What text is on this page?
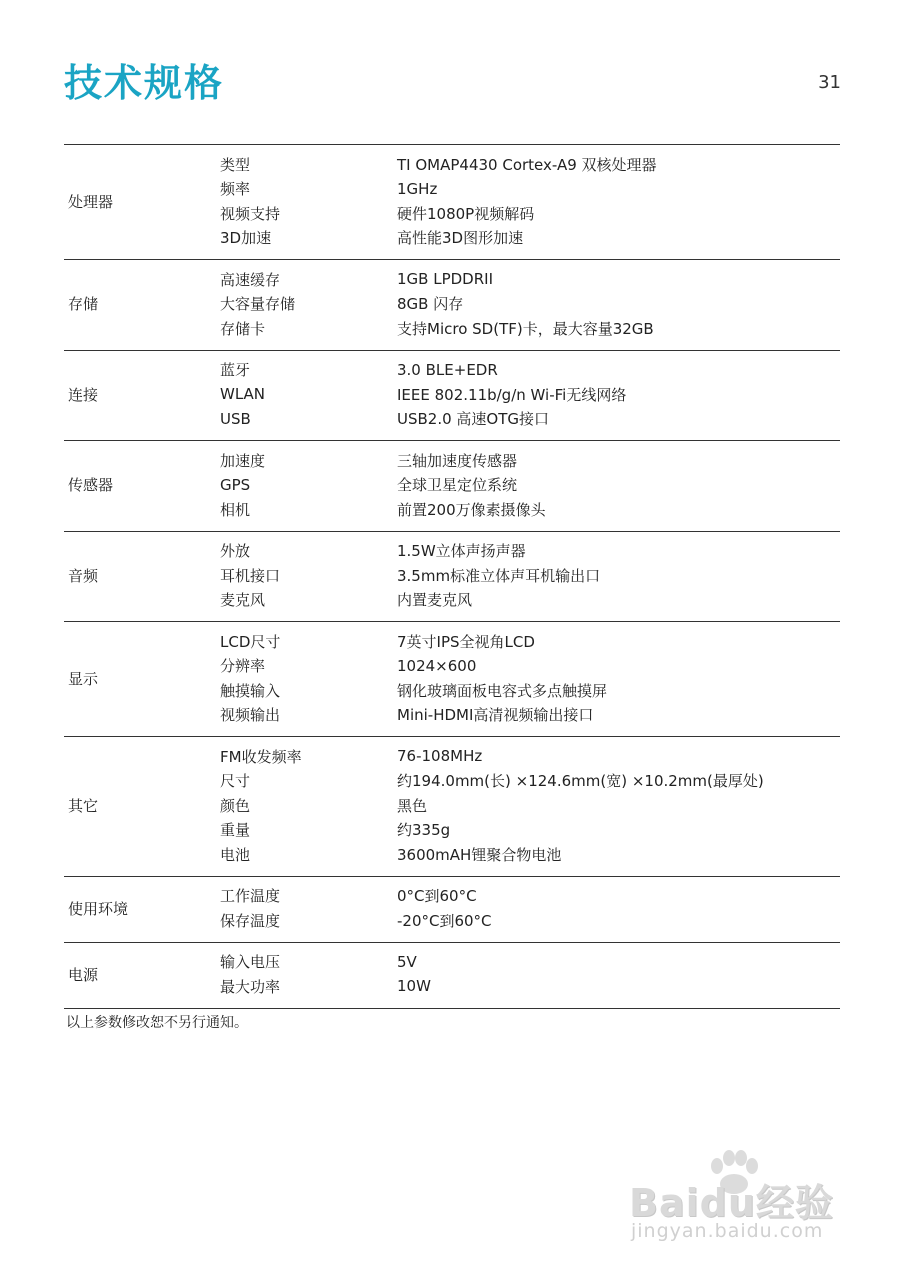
技术规格	31
处理器
类型	TI OMAP4430 Cortex-A9 双核处理器
频率	1GHz
视频支持	硬件1080P视频解码
3D加速	高性能3D图形加速
存储
高速缓存	1GB LPDDRII
大容量存储	8GB 闪存
存储卡	支持Micro SD(TF)卡，最大容量32GB
连接
蓝牙	3.0 BLE+EDR
WLAN	IEEE 802.11b/g/n Wi-Fi无线网络
USB	USB2.0 高速OTG接口
传感器
加速度	三轴加速度传感器
GPS	全球卫星定位系统
相机	前置200万像素摄像头
音频
外放	1.5W立体声扬声器
耳机接口	3.5mm标准立体声耳机输出口
麦克风	内置麦克风
显示
LCD尺寸	7英寸IPS全视角LCD
分辨率	1024×600
触摸输入	钢化玻璃面板电容式多点触摸屏
视频输出	Mini-HDMI高清视频输出接口
其它
FM收发频率	76-108MHz
尺寸	约194.0mm(长) ×124.6mm(宽) ×10.2mm(最厚处)
颜色	黑色
重量	约335g
电池	3600mAH锂聚合物电池
使用环境
工作温度	0°C到60°C
保存温度	-20°C到60°C
电源
输入电压	5V
最大功率	10W
以上参数修改恕不另行通知。
Baidu经验
jingyan.baidu.com
